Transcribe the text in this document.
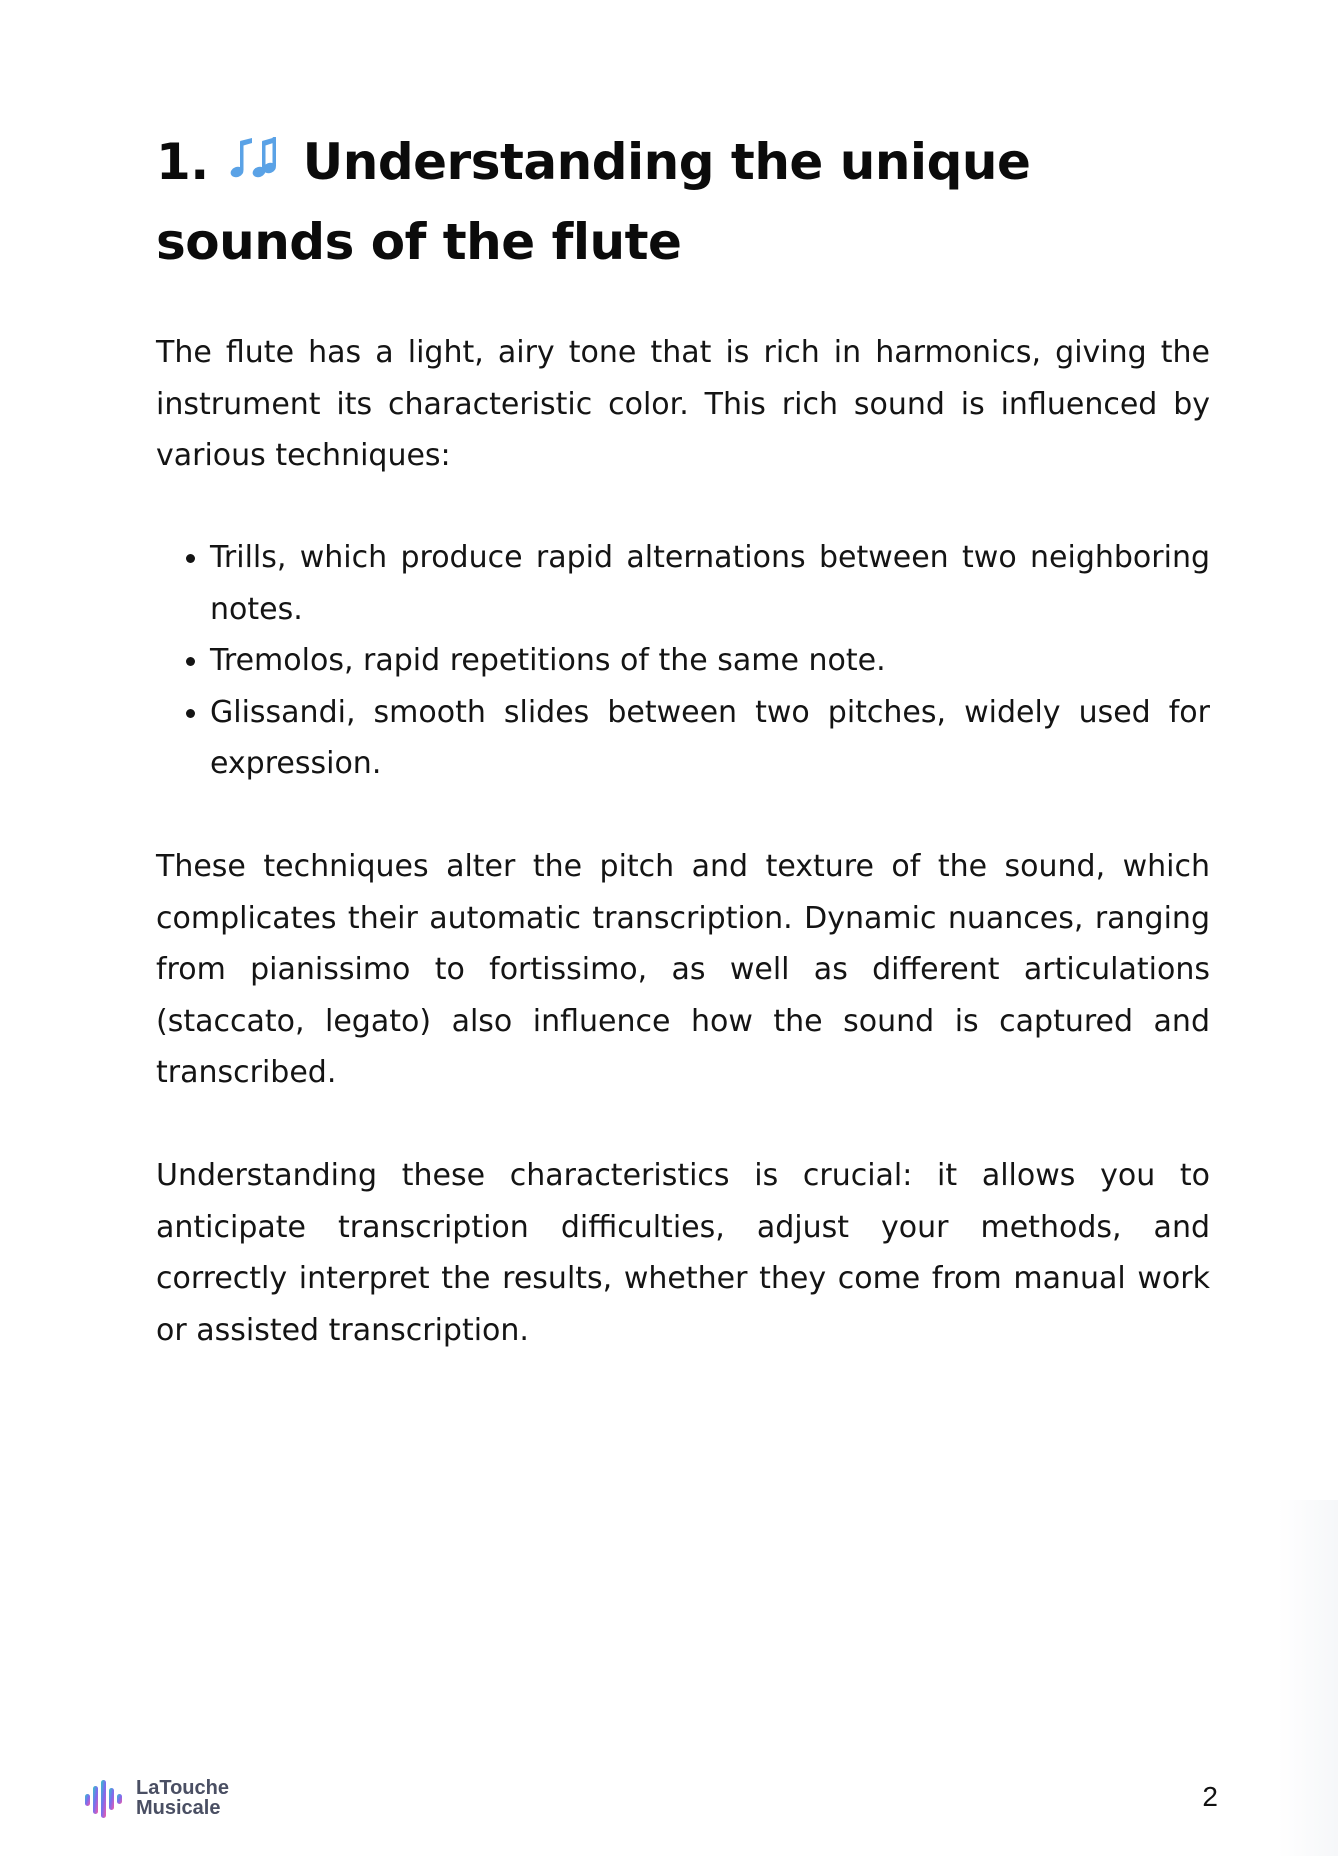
1. Understanding the unique sounds of the flute

The flute has a light, airy tone that is rich in harmonics, giving the instrument its characteristic color. This rich sound is influenced by various techniques:

Trills, which produce rapid alternations between two neighboring notes.
Tremolos, rapid repetitions of the same note.
Glissandi, smooth slides between two pitches, widely used for expression.

These techniques alter the pitch and texture of the sound, which complicates their automatic transcription. Dynamic nuances, ranging from pianissimo to fortissimo, as well as different articulations (staccato, legato) also influence how the sound is captured and transcribed.

Understanding these characteristics is crucial: it allows you to anticipate transcription difficulties, adjust your methods, and correctly interpret the results, whether they come from manual work or assisted transcription.

LaTouche
Musicale	2
